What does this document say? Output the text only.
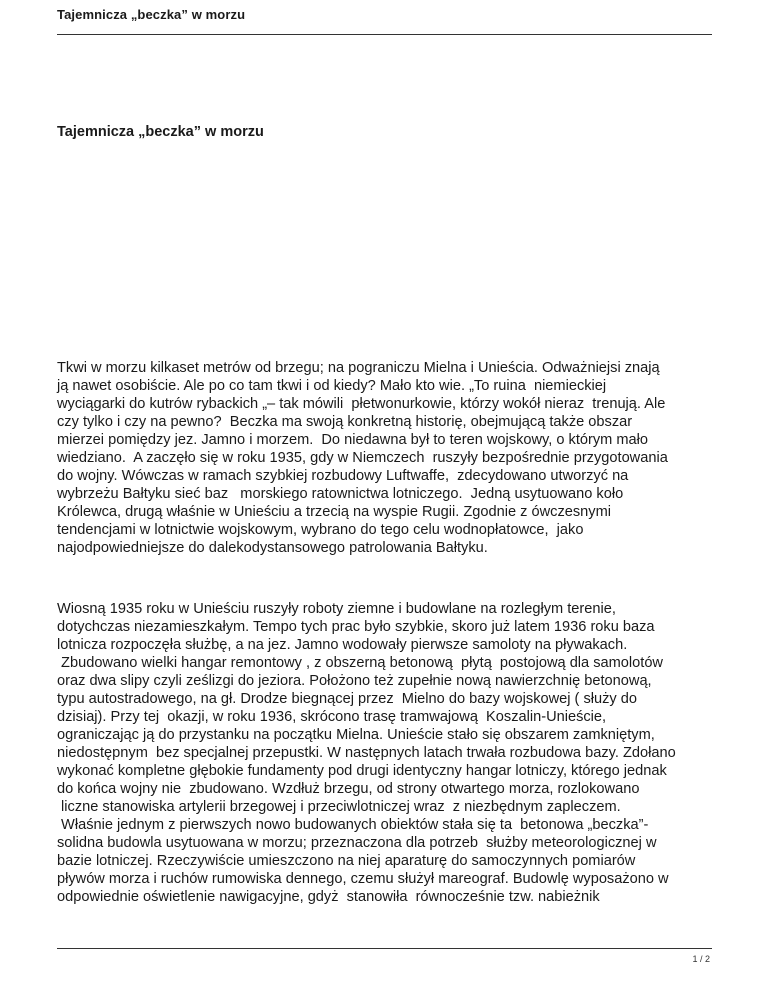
Tajemnicza „beczka” w morzu
Tajemnicza „beczka” w morzu
Tkwi w morzu kilkaset metrów od brzegu; na pograniczu Mielna i Unieścia. Odważniejsi znają
ją nawet osobiście. Ale po co tam tkwi i od kiedy? Mało kto wie. „To ruina  niemieckiej
wyciągarki do kutrów rybackich „– tak mówili  płetwonurkowie, którzy wokół nieraz  trenują. Ale
czy tylko i czy na pewno?  Beczka ma swoją konkretną historię, obejmującą także obszar
mierzei pomiędzy jez. Jamno i morzem.  Do niedawna był to teren wojskowy, o którym mało
wiedziano.  A zaczęło się w roku 1935, gdy w Niemczech  ruszyły bezpośrednie przygotowania
do wojny. Wówczas w ramach szybkiej rozbudowy Luftwaffe,  zdecydowano utworzyć na
wybrzeżu Bałtyku sieć baz   morskiego ratownictwa lotniczego.  Jedną usytuowano koło
Królewca, drugą właśnie w Unieściu a trzecią na wyspie Rugii. Zgodnie z ówczesnymi
tendencjami w lotnictwie wojskowym, wybrano do tego celu wodnopłatowce,  jako
najodpowiedniejsze do dalekodystansowego patrolowania Bałtyku.
Wiosną 1935 roku w Unieściu ruszyły roboty ziemne i budowlane na rozległym terenie,
dotychczas niezamieszkałym. Tempo tych prac było szybkie, skoro już latem 1936 roku baza
lotnicza rozpoczęła służbę, a na jez. Jamno wodowały pierwsze samoloty na pływakach.
Zbudowano wielki hangar remontowy , z obszerną betonową  płytą  postojową dla samolotów
oraz dwa slipy czyli ześlizgi do jeziora. Położono też zupełnie nową nawierzchnię betonową,
typu autostradowego, na gł. Drodze biegnącej przez  Mielno do bazy wojskowej ( służy do
dzisiaj). Przy tej  okazji, w roku 1936, skrócono trasę tramwajową  Koszalin-Unieście,
ograniczając ją do przystanku na początku Mielna. Unieście stało się obszarem zamkniętym,
niedostępnym  bez specjalnej przepustki. W następnych latach trwała rozbudowa bazy. Zdołano
wykonać kompletne głębokie fundamenty pod drugi identyczny hangar lotniczy, którego jednak
do końca wojny nie  zbudowano. Wzdłuż brzegu, od strony otwartego morza, rozlokowano
liczne stanowiska artylerii brzegowej i przeciwlotniczej wraz  z niezbędnym zapleczem.
Właśnie jednym z pierwszych nowo budowanych obiektów stała się ta  betonowa „beczka”-
solidna budowla usytuowana w morzu; przeznaczona dla potrzeb  służby meteorologicznej w
bazie lotniczej. Rzeczywiście umieszczono na niej aparaturę do samoczynnych pomiarów
pływów morza i ruchów rumowiska dennego, czemu służył mareograf. Budowlę wyposażono w
odpowiednie oświetlenie nawigacyjne, gdyż  stanowiła  równocześnie tzw. nabieżnik
1 / 2
